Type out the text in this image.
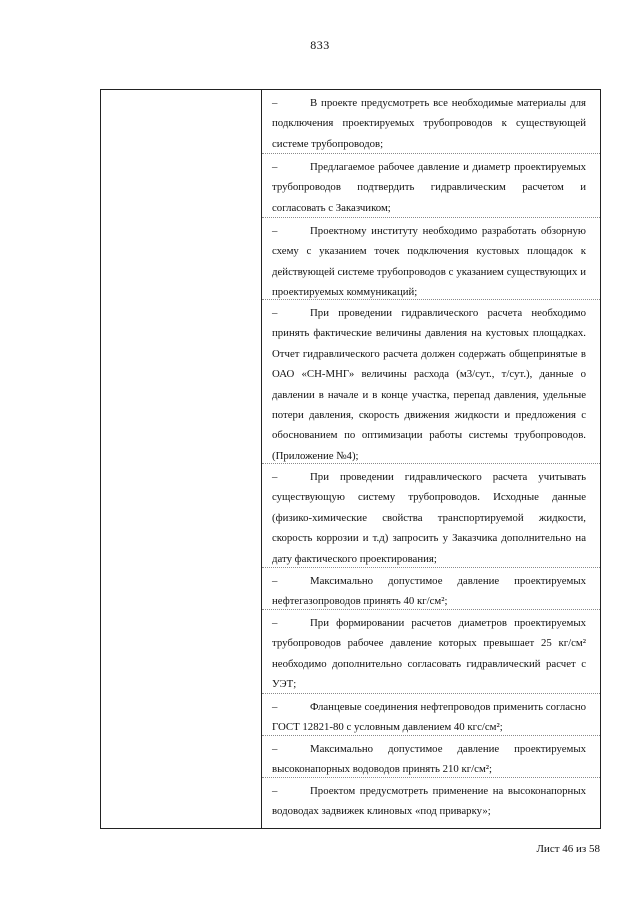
833
–	В проекте предусмотреть все необходимые материалы для подключения проектируемых трубопроводов к существующей системе трубопроводов;
–	Предлагаемое рабочее давление и диаметр проектируемых трубопроводов подтвердить гидравлическим расчетом и согласовать с Заказчиком;
–	Проектному институту необходимо разработать обзорную схему с указанием точек подключения кустовых площадок к действующей системе трубопроводов с указанием существующих и проектируемых коммуникаций;
–	При проведении гидравлического расчета необходимо принять фактические величины давления на кустовых площадках. Отчет гидравлического расчета должен содержать общепринятые в ОАО «СН-МНГ» величины расхода (м3/сут., т/сут.), данные о давлении в начале и в конце участка, перепад давления, удельные потери давления, скорость движения жидкости и предложения с обоснованием по оптимизации работы системы трубопроводов. (Приложение №4);
–	При проведении гидравлического расчета учитывать существующую систему трубопроводов. Исходные данные (физико-химические свойства транспортируемой жидкости, скорость коррозии и т.д) запросить у Заказчика дополнительно на дату фактического проектирования;
–	Максимально допустимое давление проектируемых нефтегазопроводов принять 40 кг/см²;
–	При формировании расчетов диаметров проектируемых трубопроводов рабочее давление которых превышает 25 кг/см² необходимо дополнительно согласовать гидравлический расчет с УЭТ;
–	Фланцевые соединения нефтепроводов применить согласно ГОСТ 12821-80 с условным давлением 40 кгс/см²;
–	Максимально допустимое давление проектируемых высоконапорных водоводов принять 210 кг/см²;
–	Проектом предусмотреть применение на высоконапорных водоводах задвижек клиновых «под приварку»;
Лист 46 из 58
